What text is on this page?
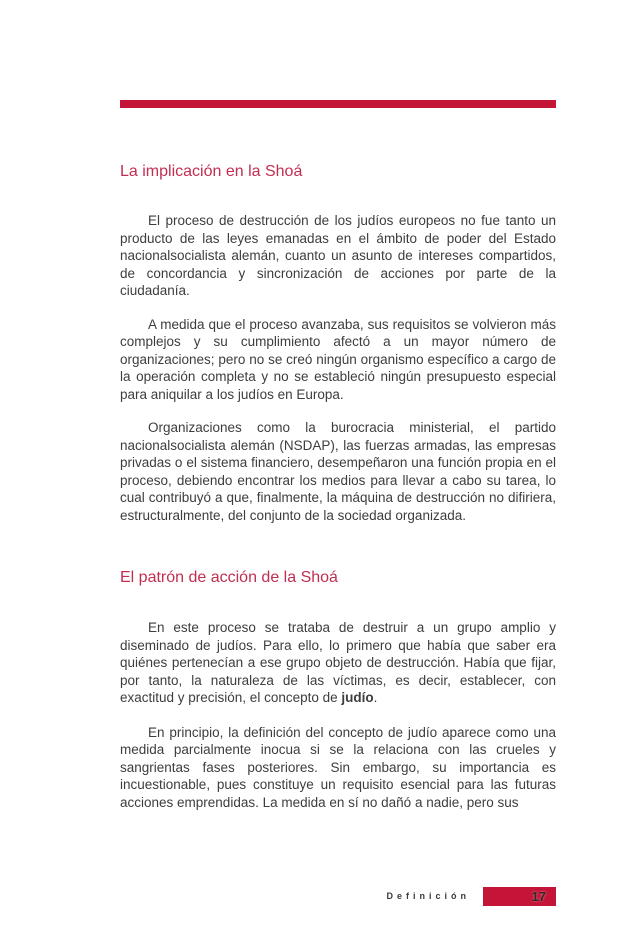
La implicación en la Shoá

El proceso de destrucción de los judíos europeos no fue tanto un producto de las leyes emanadas en el ámbito de poder del Estado nacionalsocialista alemán, cuanto un asunto de intereses compartidos, de concordancia y sincronización de acciones por parte de la ciudadanía.

A medida que el proceso avanzaba, sus requisitos se volvieron más complejos y su cumplimiento afectó a un mayor número de organizaciones; pero no se creó ningún organismo específico a cargo de la operación completa y no se estableció ningún presupuesto especial para aniquilar a los judíos en Europa.

Organizaciones como la burocracia ministerial, el partido nacionalsocialista alemán (NSDAP), las fuerzas armadas, las empresas privadas o el sistema financiero, desempeñaron una función propia en el proceso, debiendo encontrar los medios para llevar a cabo su tarea, lo cual contribuyó a que, finalmente, la máquina de destrucción no difiriera, estructuralmente, del conjunto de la sociedad organizada.

El patrón de acción de la Shoá

En este proceso se trataba de destruir a un grupo amplio y diseminado de judíos. Para ello, lo primero que había que saber era quiénes pertenecían a ese grupo objeto de destrucción. Había que fijar, por tanto, la naturaleza de las víctimas, es decir, establecer, con exactitud y precisión, el concepto de judío.

En principio, la definición del concepto de judío aparece como una medida parcialmente inocua si se la relaciona con las crueles y sangrientas fases posteriores. Sin embargo, su importancia es incuestionable, pues constituye un requisito esencial para las futuras acciones emprendidas. La medida en sí no dañó a nadie, pero sus

Definición	17
